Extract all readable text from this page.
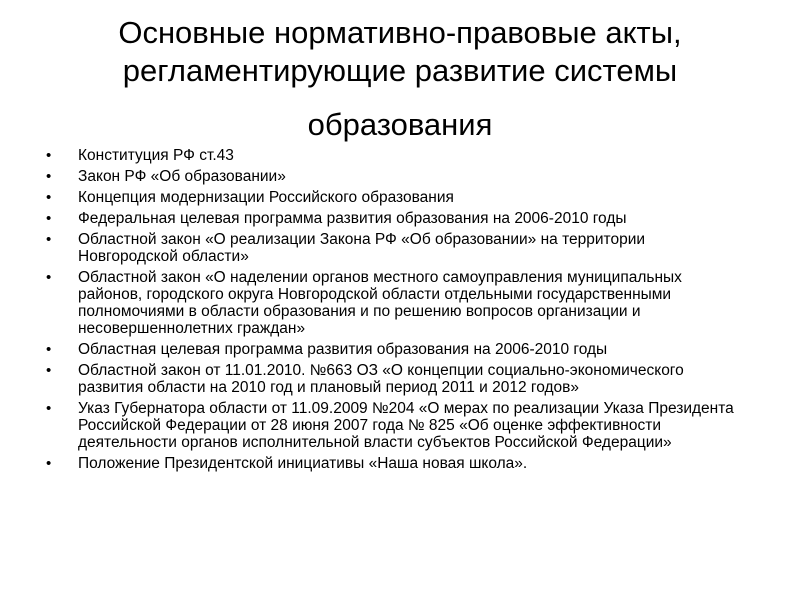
Основные нормативно-правовые акты,
регламентирующие развитие системы
образования
• Конституция РФ ст.43
• Закон РФ «Об образовании»
• Концепция модернизации Российского образования
• Федеральная целевая программа развития образования на 2006-2010 годы
• Областной закон «О реализации Закона РФ «Об образовании» на территории Новгородской области»
• Областной закон «О наделении органов местного самоуправления муниципальных районов, городского округа Новгородской области отдельными государственными полномочиями в области образования и по решению вопросов организации и несовершеннолетних граждан»
• Областная целевая программа развития образования на 2006-2010 годы
• Областной закон от 11.01.2010. №663 ОЗ «О концепции социально-экономического развития области на 2010 год и плановый период 2011 и 2012 годов»
• Указ Губернатора области от 11.09.2009 №204 «О мерах по реализации Указа Президента Российской Федерации от 28 июня 2007 года № 825 «Об оценке эффективности деятельности органов исполнительной власти субъектов Российской Федерации»
• Положение Президентской инициативы «Наша новая школа».
